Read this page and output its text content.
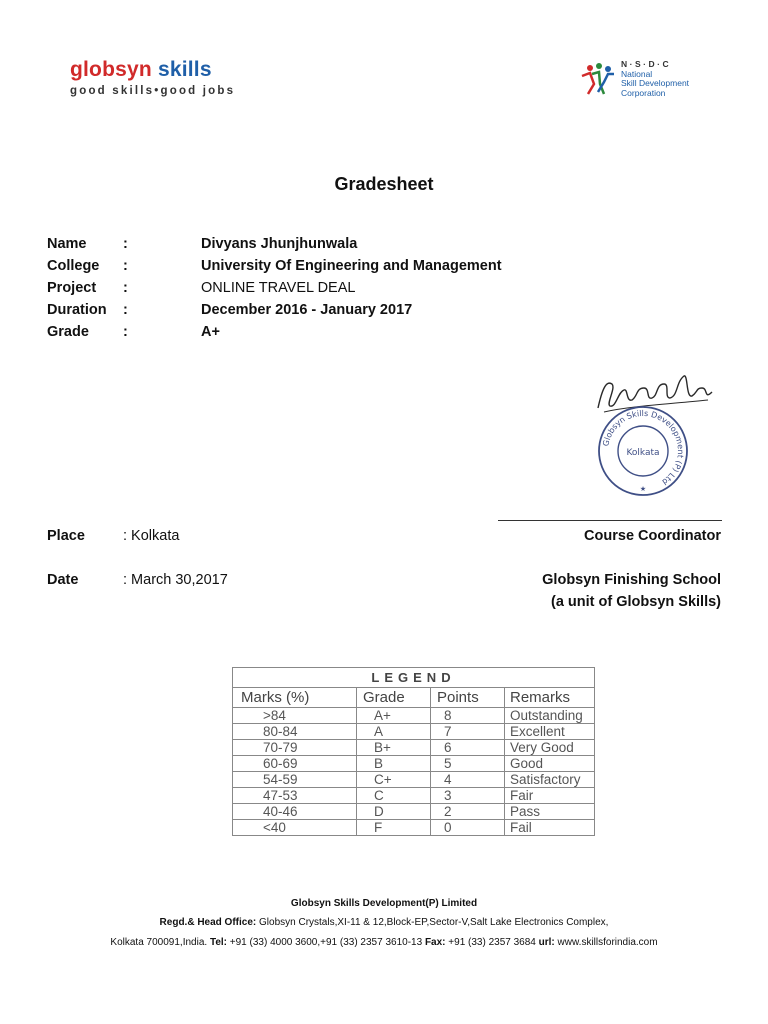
globsyn skills
good skills•good jobs
N·S·D·C
National
Skill Development
Corporation
Gradesheet
Name	:	Divyans Jhunjhunwala
College :	University Of Engineering and Management
Project :	ONLINE TRAVEL DEAL
Duration :	December 2016 - January 2017
Grade :	A+
Globsyn Skills Development (P) Ltd
Kolkata
★
Place	: Kolkata	Course Coordinator
Date	: March 30,2017	Globsyn Finishing School
(a unit of Globsyn Skills)
LEGEND			
Marks (%)	Grade	Points	Remarks
>84	A+	8	Outstanding
80-84	A	7	Excellent
70-79	B+	6	Very Good
60-69	B	5	Good
54-59	C+	4	Satisfactory
47-53	C	3	Fair
40-46	D	2	Pass
<40	F	0	Fail
Globsyn Skills Development(P) Limited
Regd.& Head Office: Globsyn Crystals,XI-11 & 12,Block-EP,Sector-V,Salt Lake Electronics Complex,
Kolkata 700091,India. Tel: +91 (33) 4000 3600,+91 (33) 2357 3610-13 Fax: +91 (33) 2357 3684 url: www.skillsforindia.com
